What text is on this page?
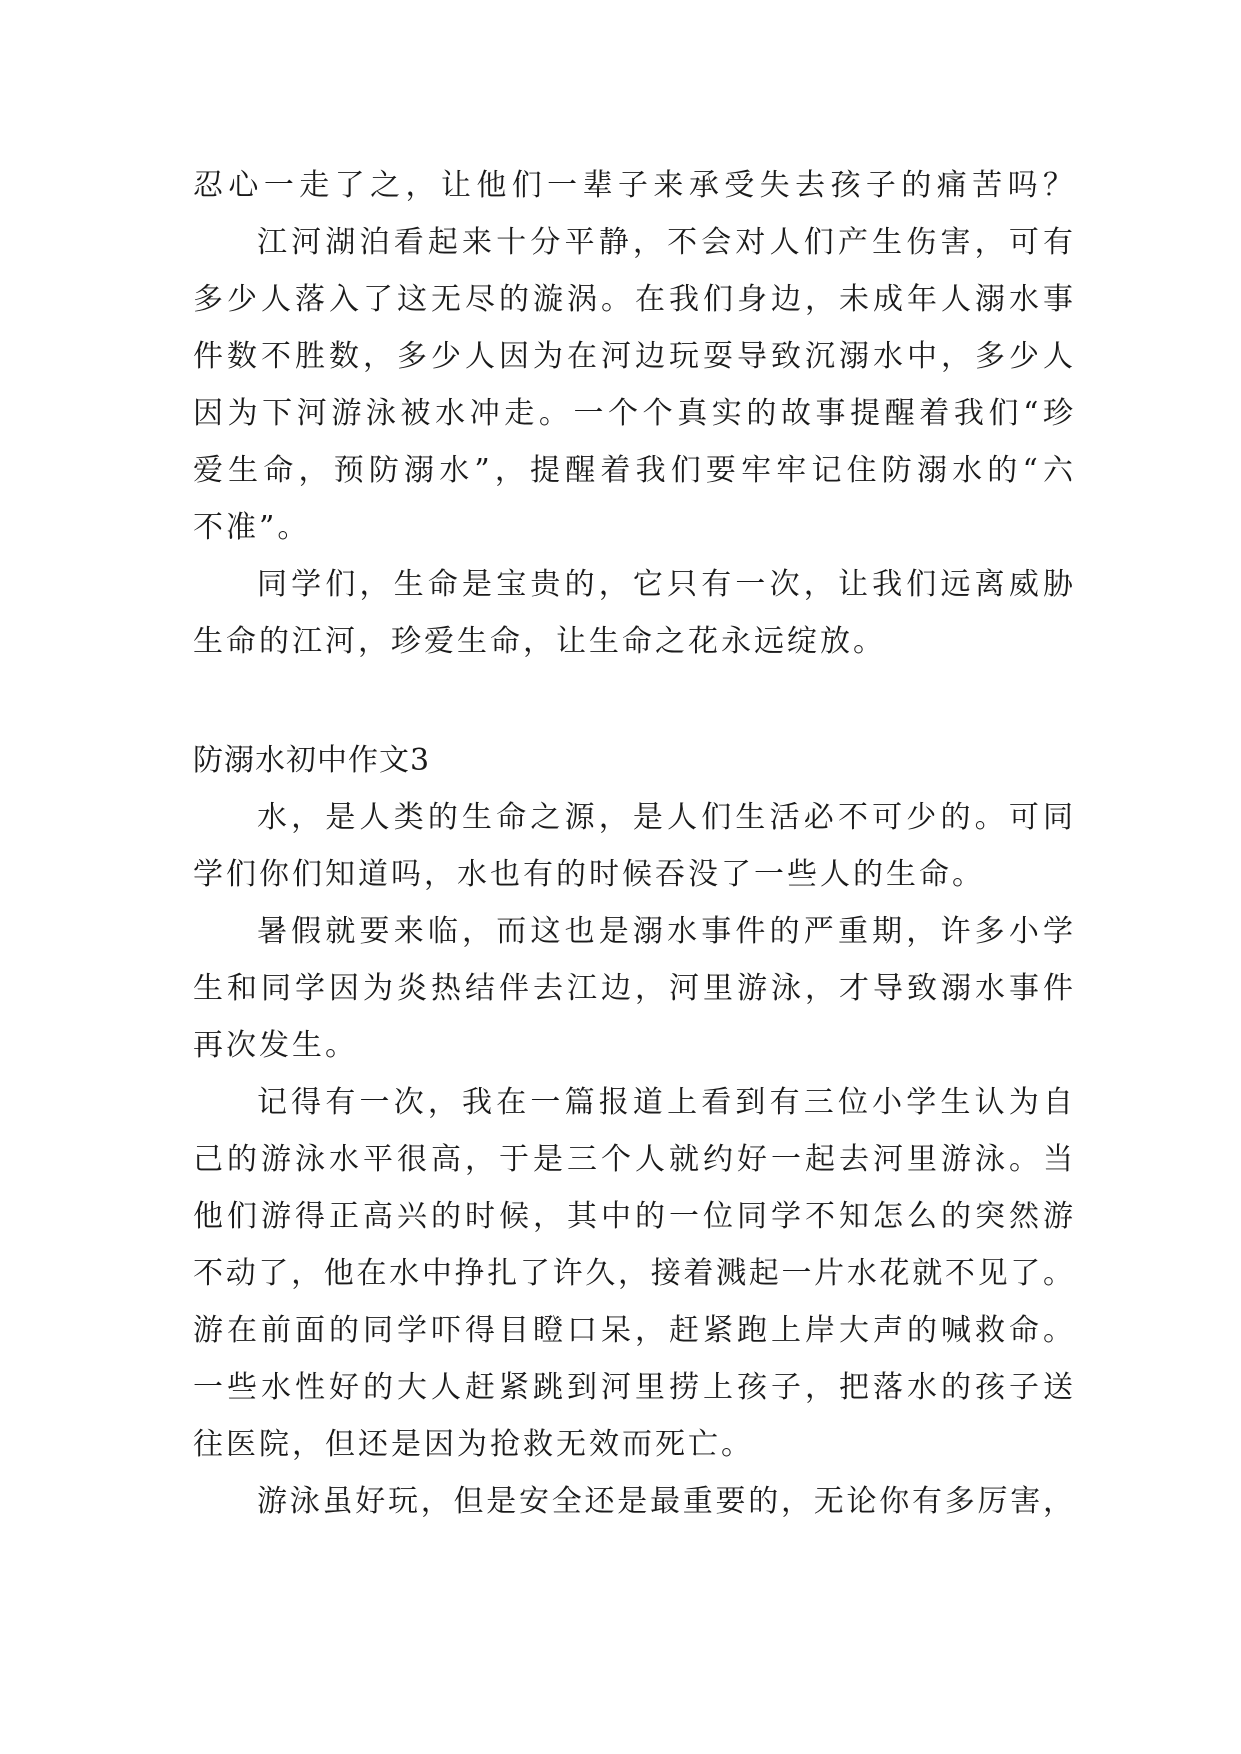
忍心一走了之，让他们一辈子来承受失去孩子的痛苦吗？
江河湖泊看起来十分平静，不会对人们产生伤害，可有
多少人落入了这无尽的漩涡。在我们身边，未成年人溺水事
件数不胜数，多少人因为在河边玩耍导致沉溺水中，多少人
因为下河游泳被水冲走。一个个真实的故事提醒着我们“珍
爱生命，预防溺水”，提醒着我们要牢牢记住防溺水的“六
不准”。
同学们，生命是宝贵的，它只有一次，让我们远离威胁
生命的江河，珍爱生命，让生命之花永远绽放。
防溺水初中作文3
水，是人类的生命之源，是人们生活必不可少的。可同
学们你们知道吗，水也有的时候吞没了一些人的生命。
暑假就要来临，而这也是溺水事件的严重期，许多小学
生和同学因为炎热结伴去江边，河里游泳，才导致溺水事件
再次发生。
记得有一次，我在一篇报道上看到有三位小学生认为自
己的游泳水平很高，于是三个人就约好一起去河里游泳。当
他们游得正高兴的时候，其中的一位同学不知怎么的突然游
不动了，他在水中挣扎了许久，接着溅起一片水花就不见了。
游在前面的同学吓得目瞪口呆，赶紧跑上岸大声的喊救命。
一些水性好的大人赶紧跳到河里捞上孩子，把落水的孩子送
往医院，但还是因为抢救无效而死亡。
游泳虽好玩，但是安全还是最重要的，无论你有多厉害，
